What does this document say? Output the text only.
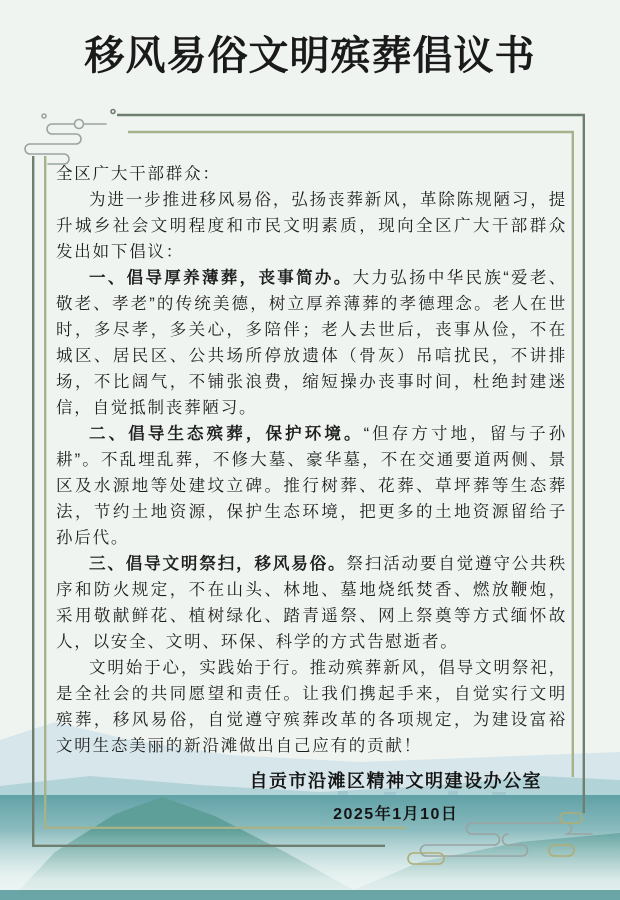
移风易俗文明殡葬倡议书

全区广大干部群众：

为进一步推进移风易俗，弘扬丧葬新风，革除陈规陋习，提升城乡社会文明程度和市民文明素质，现向全区广大干部群众发出如下倡议：

一、倡导厚养薄葬，丧事简办。大力弘扬中华民族“爱老、敬老、孝老”的传统美德，树立厚养薄葬的孝德理念。老人在世时，多尽孝，多关心，多陪伴；老人去世后，丧事从俭，不在城区、居民区、公共场所停放遗体（骨灰）吊唁扰民，不讲排场，不比阔气，不铺张浪费，缩短操办丧事时间，杜绝封建迷信，自觉抵制丧葬陋习。

二、倡导生态殡葬，保护环境。“但存方寸地，留与子孙耕”。不乱埋乱葬，不修大墓、豪华墓，不在交通要道两侧、景区及水源地等处建坟立碑。推行树葬、花葬、草坪葬等生态葬法，节约土地资源，保护生态环境，把更多的土地资源留给子孙后代。

三、倡导文明祭扫，移风易俗。祭扫活动要自觉遵守公共秩序和防火规定，不在山头、林地、墓地烧纸焚香、燃放鞭炮，采用敬献鲜花、植树绿化、踏青遥祭、网上祭奠等方式缅怀故人，以安全、文明、环保、科学的方式告慰逝者。

文明始于心，实践始于行。推动殡葬新风，倡导文明祭祀，是全社会的共同愿望和责任。让我们携起手来，自觉实行文明殡葬，移风易俗，自觉遵守殡葬改革的各项规定，为建设富裕文明生态美丽的新沿滩做出自己应有的贡献！

自贡市沿滩区精神文明建设办公室
2025年1月10日
